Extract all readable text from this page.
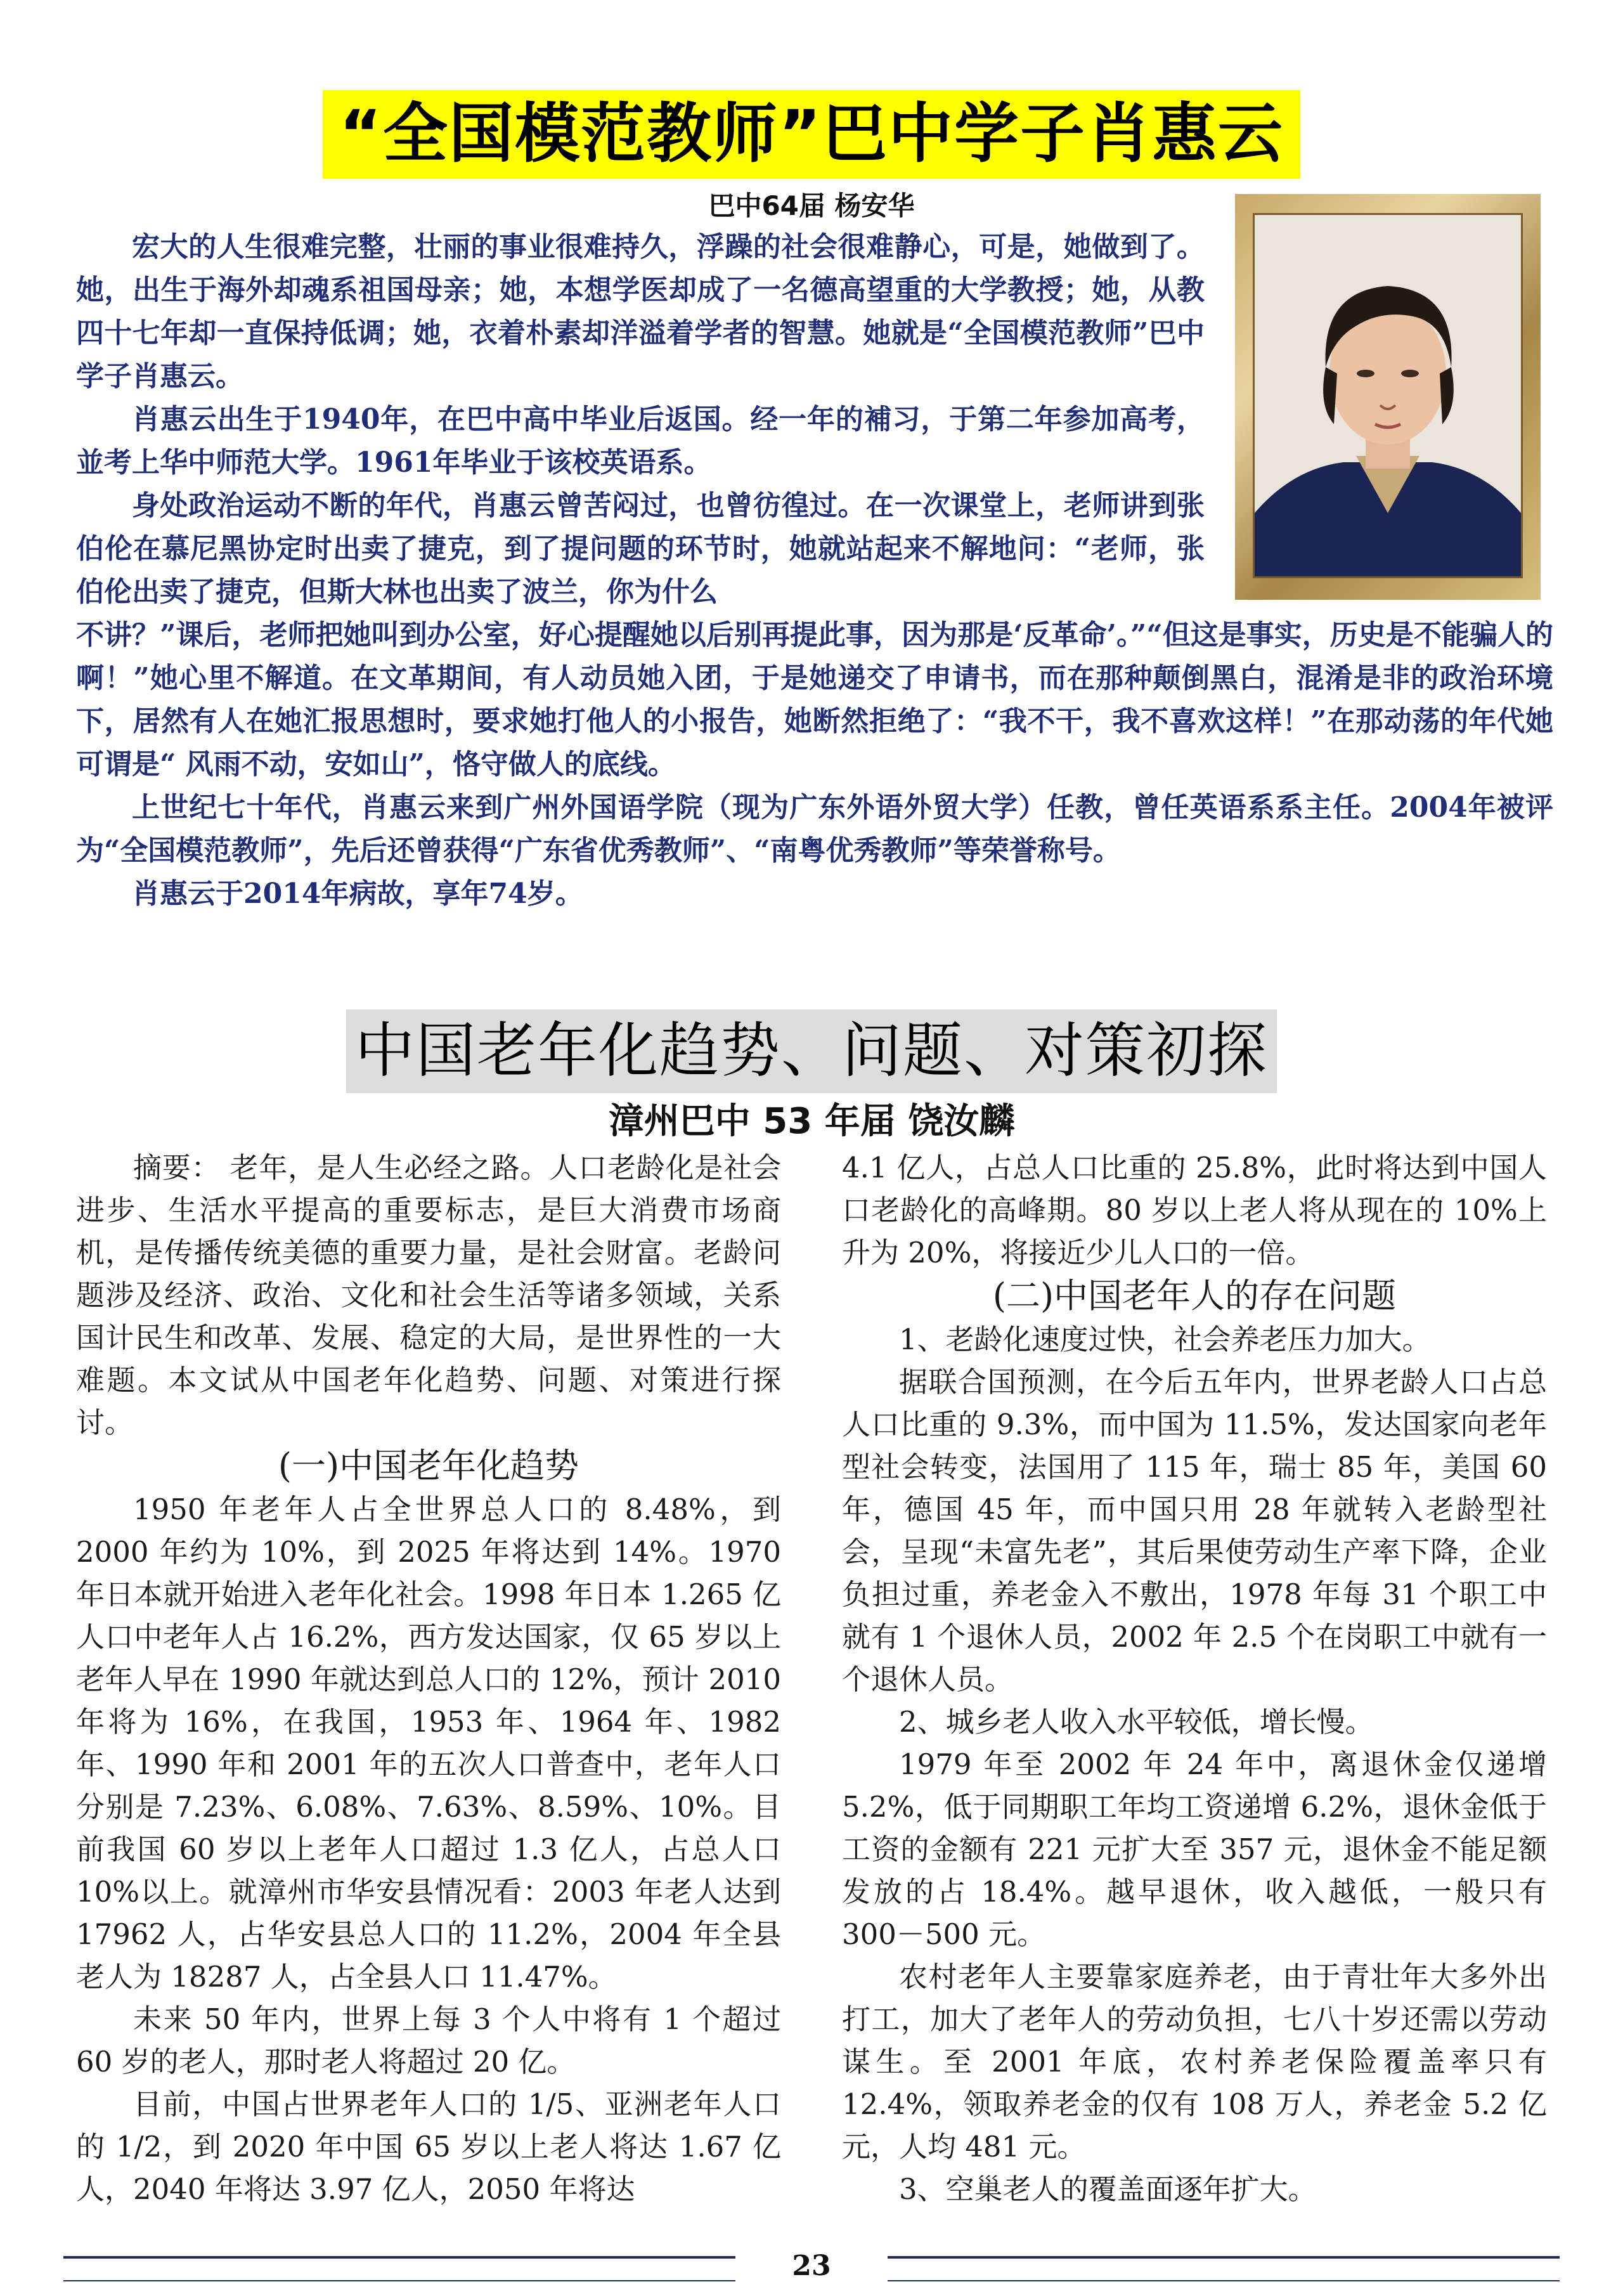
“全国模范教师”巴中学子肖惠云
巴中64届 杨安华

宏大的人生很难完整，壮丽的事业很难持久，浮躁的社会很难静心，可是，她做到了。她，出生于海外却魂系祖国母亲；她，本想学医却成了一名德高望重的大学教授；她，从教四十七年却一直保持低调；她，衣着朴素却洋溢着学者的智慧。她就是“全国模范教师”巴中学子肖惠云。

肖惠云出生于1940年，在巴中高中毕业后返国。经一年的補习，于第二年参加高考，並考上华中师范大学。1961年毕业于该校英语系。

身处政治运动不断的年代，肖惠云曾苦闷过，也曾彷徨过。在一次课堂上，老师讲到张伯伦在慕尼黑协定时出卖了捷克，到了提问题的环节时，她就站起来不解地问：“老师，张伯伦出卖了捷克，但斯大林也出卖了波兰，你为什么

不讲？”课后，老师把她叫到办公室，好心提醒她以后别再提此事，因为那是‘反革命’。”“但这是事实，历史是不能骗人的啊！”她心里不解道。在文革期间，有人动员她入团，于是她递交了申请书，而在那种颠倒黑白，混淆是非的政治环境下，居然有人在她汇报思想时，要求她打他人的小报告，她断然拒绝了：“我不干，我不喜欢这样！”在那动荡的年代她可谓是“ 风雨不动，安如山”，恪守做人的底线。

上世纪七十年代，肖惠云来到广州外国语学院（现为广东外语外贸大学）任教，曾任英语系系主任。2004年被评为“全国模范教师”，先后还曾获得“广东省优秀教师”、“南粤优秀教师”等荣誉称号。

肖惠云于2014年病故，享年74岁。

中国老年化趋势、问题、对策初探
漳州巴中 53 年届 饶汝麟

摘要： 老年，是人生必经之路。人口老龄化是社会进步、生活水平提高的重要标志，是巨大消费市场商机，是传播传统美德的重要力量，是社会财富。老龄问题涉及经济、政治、文化和社会生活等诸多领域，关系国计民生和改革、发展、稳定的大局，是世界性的一大难题。本文试从中国老年化趋势、问题、对策进行探讨。

(一)中国老年化趋势

1950 年老年人占全世界总人口的 8.48%，到 2000 年约为 10%，到 2025 年将达到 14%。1970 年日本就开始进入老年化社会。1998 年日本 1.265 亿人口中老年人占 16.2%，西方发达国家，仅 65 岁以上老年人早在 1990 年就达到总人口的 12%，预计 2010 年将为 16%，在我国，1953 年、1964 年、1982 年、1990 年和 2001 年的五次人口普查中，老年人口分别是 7.23%、6.08%、7.63%、8.59%、10%。目前我国 60 岁以上老年人口超过 1.3 亿人，占总人口 10%以上。就漳州市华安县情况看：2003 年老人达到 17962 人，占华安县总人口的 11.2%，2004 年全县老人为 18287 人，占全县人口 11.47%。

未来 50 年内，世界上每 3 个人中将有 1 个超过 60 岁的老人，那时老人将超过 20 亿。

目前，中国占世界老年人口的 1/5、亚洲老年人口的 1/2，到 2020 年中国 65 岁以上老人将达 1.67 亿人，2040 年将达 3.97 亿人，2050 年将达

4.1 亿人，占总人口比重的 25.8%，此时将达到中国人口老龄化的高峰期。80 岁以上老人将从现在的 10%上升为 20%，将接近少儿人口的一倍。

(二)中国老年人的存在问题

1、老龄化速度过快，社会养老压力加大。

据联合国预测，在今后五年内，世界老龄人口占总人口比重的 9.3%，而中国为 11.5%，发达国家向老年型社会转变，法国用了 115 年，瑞士 85 年，美国 60 年，德国 45 年，而中国只用 28 年就转入老龄型社会，呈现“未富先老”，其后果使劳动生产率下降，企业负担过重，养老金入不敷出，1978 年每 31 个职工中就有 1 个退休人员，2002 年 2.5 个在岗职工中就有一个退休人员。

2、城乡老人收入水平较低，增长慢。

1979 年至 2002 年 24 年中，离退休金仅递增 5.2%，低于同期职工年均工资递增 6.2%，退休金低于工资的金额有 221 元扩大至 357 元，退休金不能足额发放的占 18.4%。越早退休，收入越低，一般只有 300－500 元。

农村老年人主要靠家庭养老，由于青壮年大多外出打工，加大了老年人的劳动负担，七八十岁还需以劳动谋生。至 2001 年底，农村养老保险覆盖率只有 12.4%，领取养老金的仅有 108 万人，养老金 5.2 亿元，人均 481 元。

3、空巢老人的覆盖面逐年扩大。

23
